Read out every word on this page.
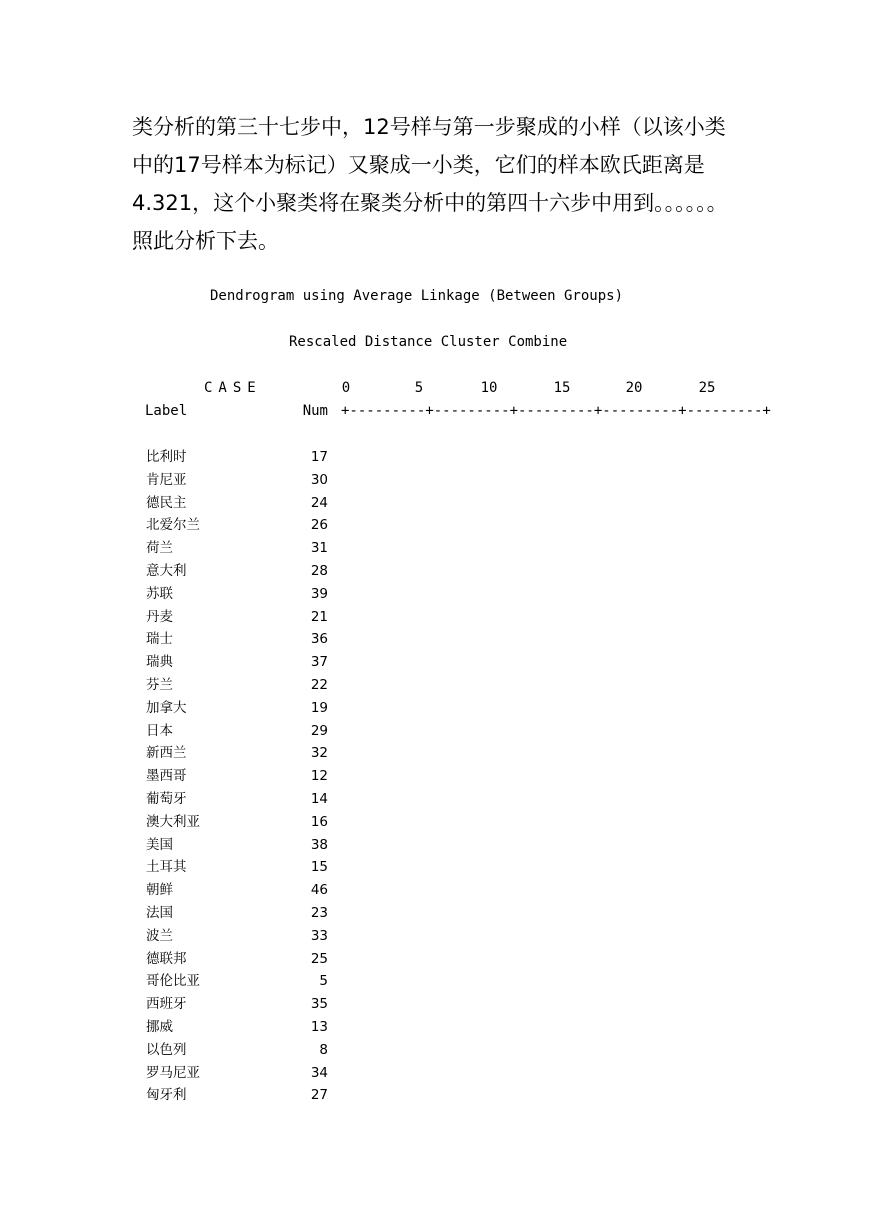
类分析的第三十七步中，12号样与第一步聚成的小样（以该小类
中的17号样本为标记）又聚成一小类，它们的样本欧氏距离是
4.321，这个小聚类将在聚类分析中的第四十六步中用到。。。。。。
照此分析下去。
Dendrogram using Average Linkage (Between Groups)
Rescaled Distance Cluster Combine
CASE	0	5	10	15	20	25
Label	Num +---------+---------+---------+---------+---------+
比利时	17
肯尼亚	30
德民主	24
北爱尔兰	26
荷兰	31
意大利	28
苏联	39
丹麦	21
瑞士	36
瑞典	37
芬兰	22
加拿大	19
日本	29
新西兰	32
墨西哥	12
葡萄牙	14
澳大利亚	16
美国	38
土耳其	15
朝鲜	46
法国	23
波兰	33
德联邦	25
哥伦比亚	5
西班牙	35
挪威	13
以色列	8
罗马尼亚	34
匈牙利	27
